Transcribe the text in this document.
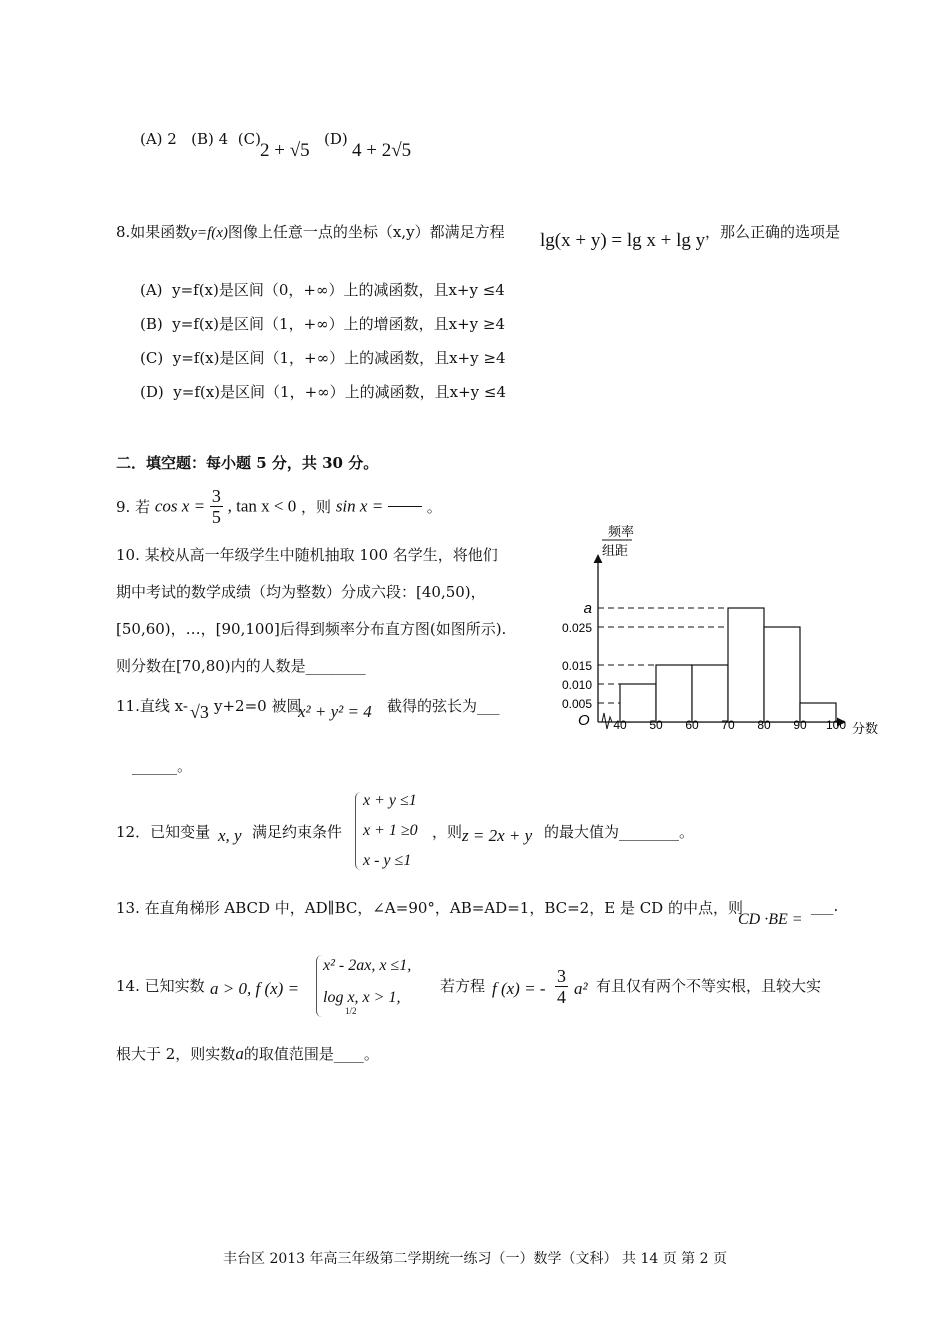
(A) 2 (B) 4 (C)
2 + √5
(D)
4 + 2√5
8.如果函数y=f(x)图像上任意一点的坐标（x,y）都满足方程 lg(x + y) = lg x + lg y ，那么正确的选项是
(A) y=f(x)是区间（0，+∞）上的减函数，且x+y ≤4
(B) y=f(x)是区间（1，+∞）上的增函数，且x+y ≥4
(C) y=f(x)是区间（1，+∞）上的减函数，且x+y ≥4
(D) y=f(x)是区间（1，+∞）上的减函数，且x+y ≤4
二．填空题：每小题 5 分，共 30 分。
9. 若 $\cos x = \frac{3}{5}$ , tan x < 0 ，则 sin x =	。
10. 某校从高一年级学生中随机抽取 100 名学生，将他们
期中考试的数学成绩（均为整数）分成六段：[40,50)，
[50,60)，…，[90,100]后得到频率分布直方图(如图所示).
则分数在[70,80)内的人数是________
频率
组距
O	分数
0.005
0.010
0.015
0.025
a
40 50 60 70 80 90 100
11.直线 x- √3 y+2=0 被圆
x² + y² = 4 截得的弦长为___
______。
12．已知变量 x, y 满足约束条件
x + y ≤1
x + 1 ≥0
x - y ≤1
，则 z = 2x + y 的最大值为________。
13. 在直角梯形 ABCD 中，AD∥BC，∠A=90°，AB=AD=1，BC=2，E 是 CD 的中点，则
CD ·BE =
___.
14. 已知实数 a > 0, f (x) =
x² - 2ax, x ≤1,
log x, x > 1,
1/2
若方程 f (x) = - $\frac{3}{4} a^2$ 有且仅有两个不等实根，且较大实
根大于 2，则实数a的取值范围是____。
丰台区 2013 年高三年级第二学期统一练习（一）数学（文科） 共 14 页 第 2 页
